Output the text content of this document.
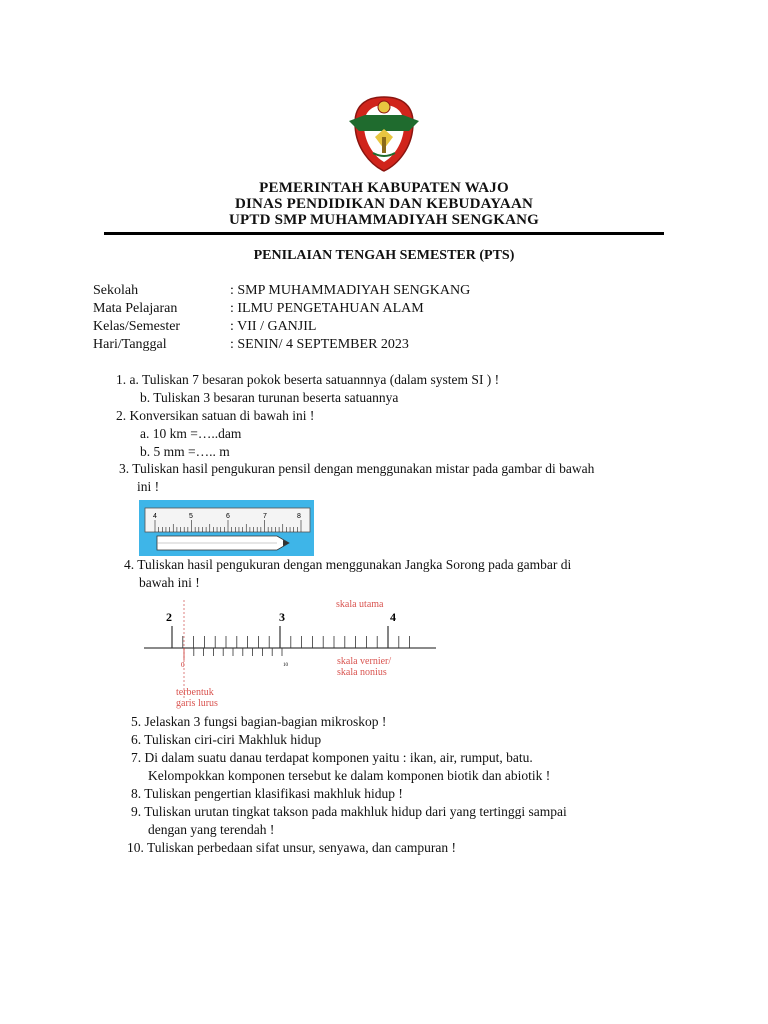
PEMERINTAH KABUPATEN WAJO
DINAS PENDIDIKAN DAN KEBUDAYAAN
UPTD SMP MUHAMMADIYAH SENGKANG
PENILAIAN TENGAH SEMESTER (PTS)
Sekolah	: SMP MUHAMMADIYAH SENGKANG
Mata Pelajaran	: ILMU PENGETAHUAN ALAM
Kelas/Semester	: VII / GANJIL
Hari/Tanggal	: SENIN/ 4 SEPTEMBER 2023
1. a. Tuliskan 7 besaran pokok beserta satuannnya (dalam system SI ) !
b. Tuliskan 3 besaran turunan beserta satuannya
2. Konversikan satuan di bawah ini !
a. 10 km =…..dam
b. 5 mm =….. m
3. Tuliskan hasil pengukuran pensil dengan menggunakan mistar pada gambar di bawah
ini !
4	5	6	7	8
4. Tuliskan hasil pengukuran dengan menggunakan Jangka Sorong pada gambar di
bawah ini !
2	3	4
0	10
skala utama
skala vernier/
skala nonius
terbentuk
garis lurus
5. Jelaskan 3 fungsi bagian-bagian mikroskop !
6. Tuliskan ciri-ciri Makhluk hidup
7. Di dalam suatu danau terdapat komponen yaitu : ikan, air, rumput, batu.
Kelompokkan komponen tersebut ke dalam komponen biotik dan abiotik !
8. Tuliskan pengertian klasifikasi makhluk hidup !
9. Tuliskan urutan tingkat takson pada makhluk hidup dari yang tertinggi sampai
dengan yang terendah !
10. Tuliskan perbedaan sifat unsur, senyawa, dan campuran !
